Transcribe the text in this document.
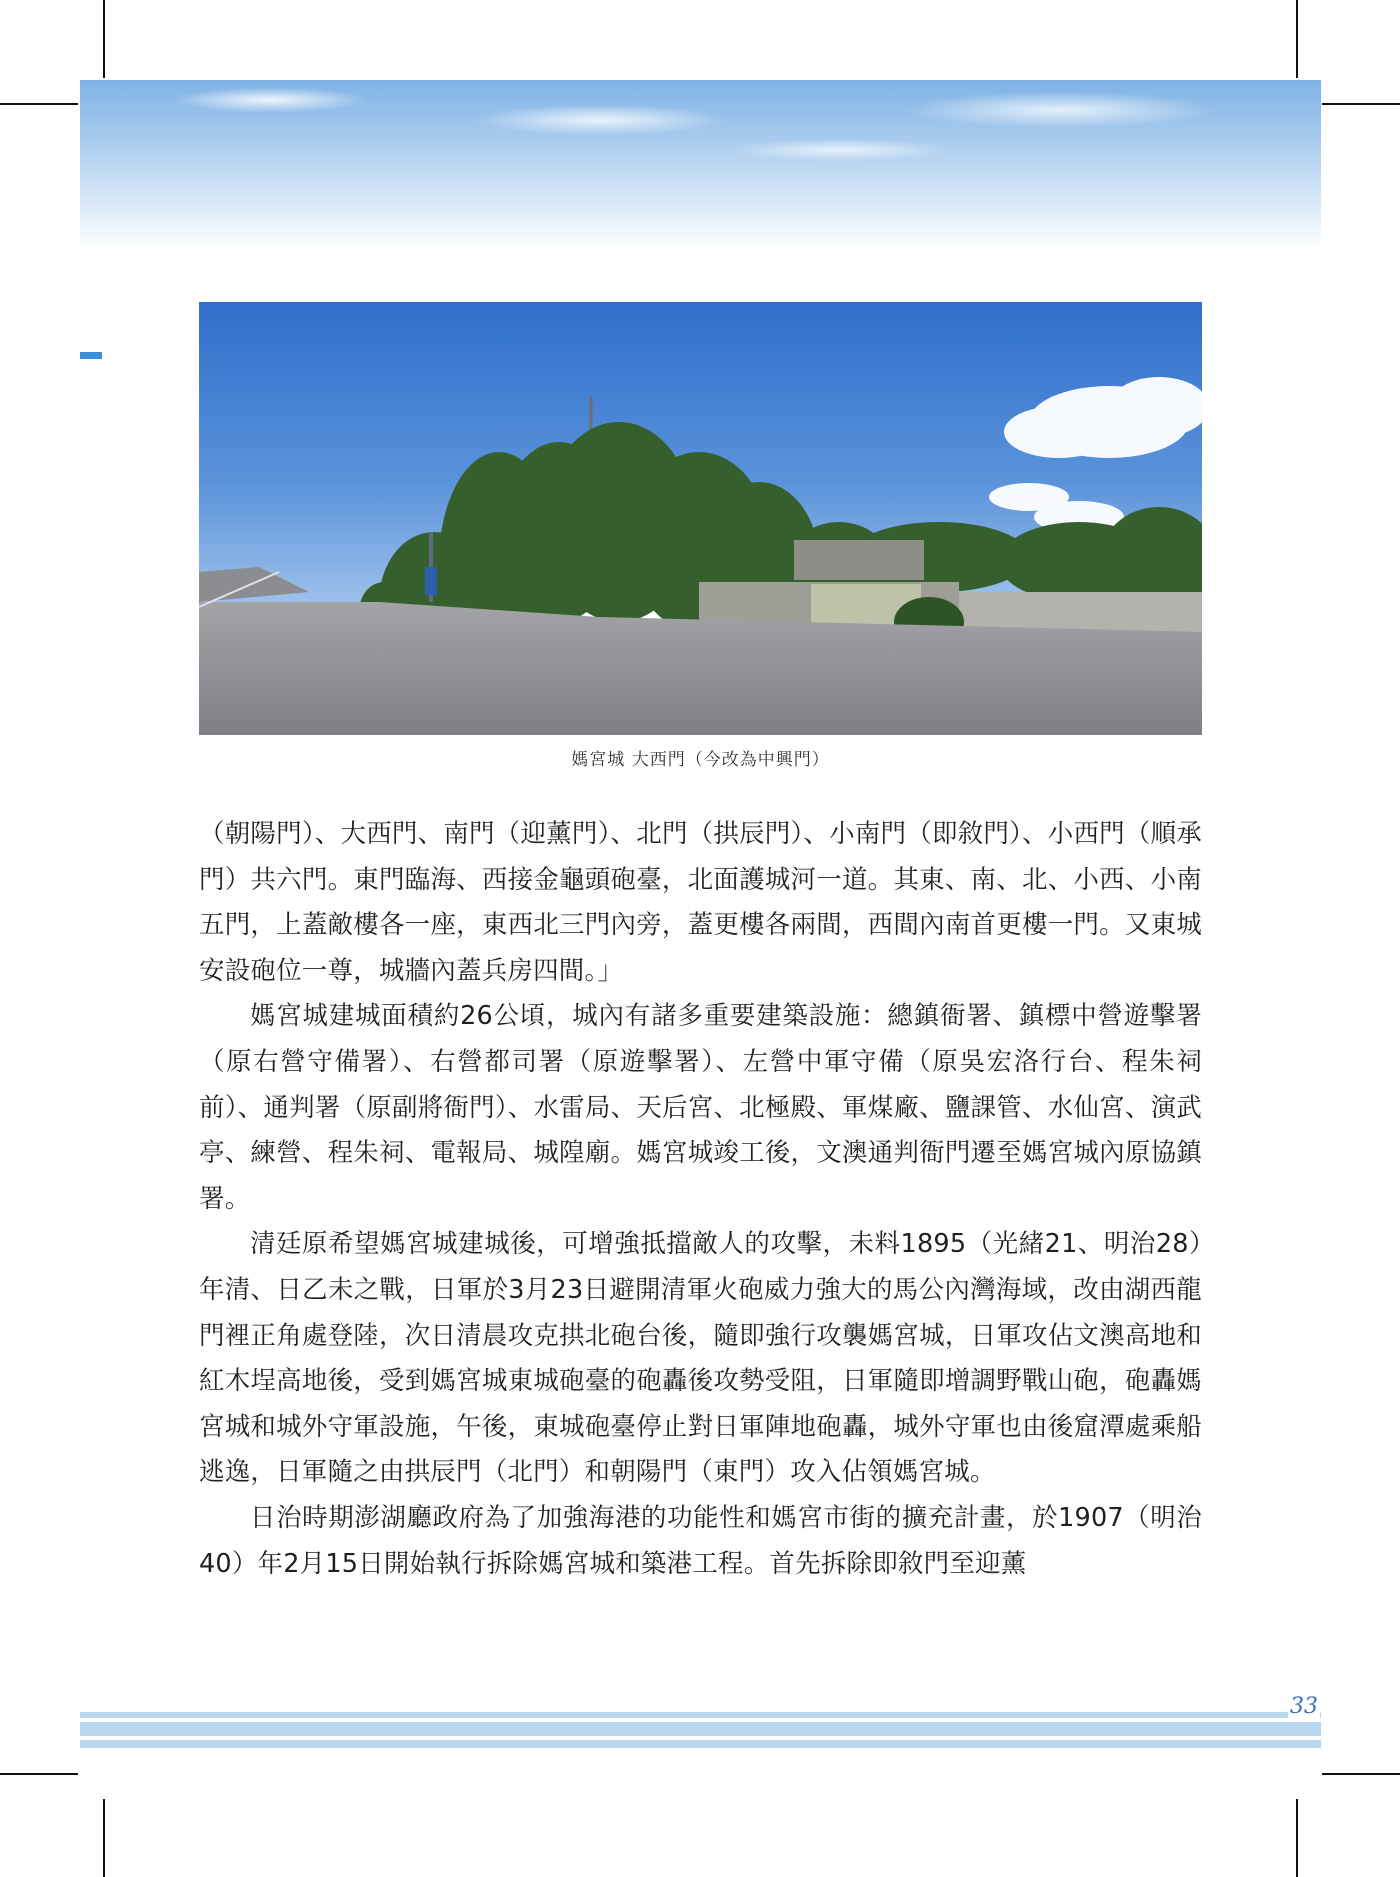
媽宮城 大西門（今改為中興門）

（朝陽門）、大西門、南門（迎薰門）、北門（拱辰門）、小南門（即敘門）、小西門（順承門）共六門。東門臨海、西接金龜頭砲臺，北面護城河一道。其東、南、北、小西、小南五門，上蓋敵樓各一座，東西北三門內旁，蓋更樓各兩間，西間內南首更樓一門。又東城安設砲位一尊，城牆內蓋兵房四間。」

媽宮城建城面積約26公頃，城內有諸多重要建築設施：總鎮衙署、鎮標中營遊擊署（原右營守備署）、右營都司署（原遊擊署）、左營中軍守備（原吳宏洛行台、程朱祠前）、通判署（原副將衙門）、水雷局、天后宮、北極殿、軍煤廠、鹽課管、水仙宮、演武亭、練營、程朱祠、電報局、城隍廟。媽宮城竣工後，文澳通判衙門遷至媽宮城內原協鎮署。

清廷原希望媽宮城建城後，可增強抵擋敵人的攻擊，未料1895（光緒21、明治28）年清、日乙未之戰，日軍於3月23日避開清軍火砲威力強大的馬公內灣海域，改由湖西龍門裡正角處登陸，次日清晨攻克拱北砲台後，隨即強行攻襲媽宮城，日軍攻佔文澳高地和紅木埕高地後，受到媽宮城東城砲臺的砲轟後攻勢受阻，日軍隨即增調野戰山砲，砲轟媽宮城和城外守軍設施，午後，東城砲臺停止對日軍陣地砲轟，城外守軍也由後窟潭處乘船逃逸，日軍隨之由拱辰門（北門）和朝陽門（東門）攻入佔領媽宮城。

日治時期澎湖廳政府為了加強海港的功能性和媽宮市街的擴充計畫，於1907（明治40）年2月15日開始執行拆除媽宮城和築港工程。首先拆除即敘門至迎薰

33
